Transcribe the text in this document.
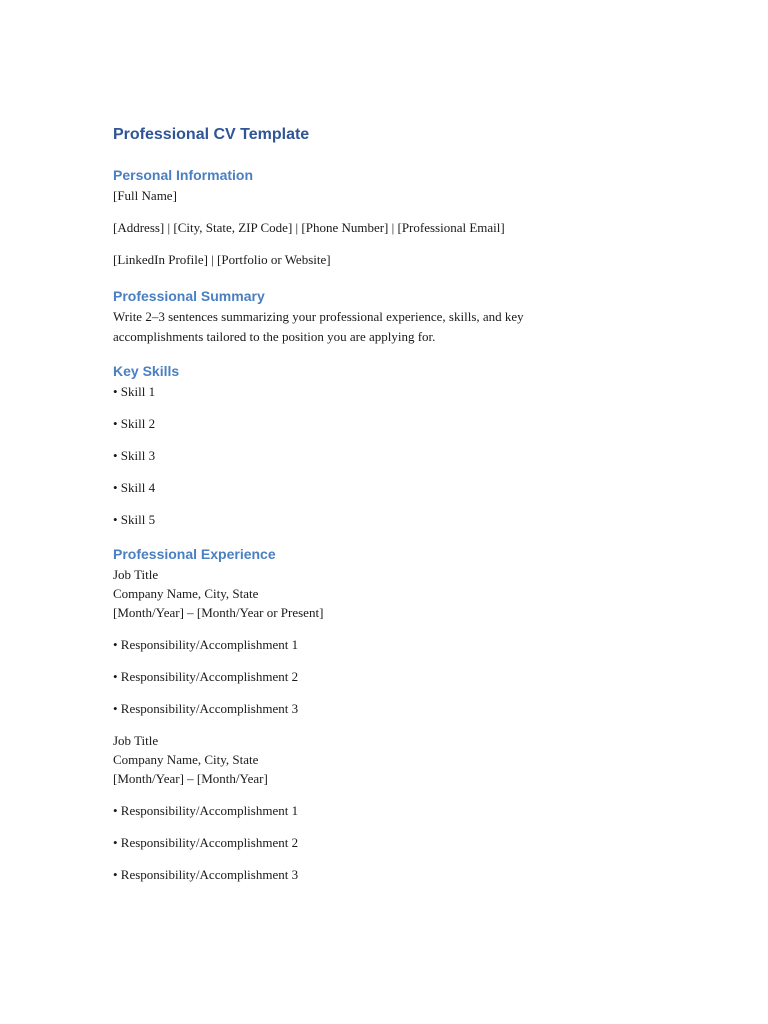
Professional CV Template
Personal Information
[Full Name]
[Address] | [City, State, ZIP Code] | [Phone Number] | [Professional Email]
[LinkedIn Profile] | [Portfolio or Website]
Professional Summary
Write 2–3 sentences summarizing your professional experience, skills, and key accomplishments tailored to the position you are applying for.
Key Skills
• Skill 1
• Skill 2
• Skill 3
• Skill 4
• Skill 5
Professional Experience
Job Title
Company Name, City, State
[Month/Year] – [Month/Year or Present]
• Responsibility/Accomplishment 1
• Responsibility/Accomplishment 2
• Responsibility/Accomplishment 3
Job Title
Company Name, City, State
[Month/Year] – [Month/Year]
• Responsibility/Accomplishment 1
• Responsibility/Accomplishment 2
• Responsibility/Accomplishment 3
